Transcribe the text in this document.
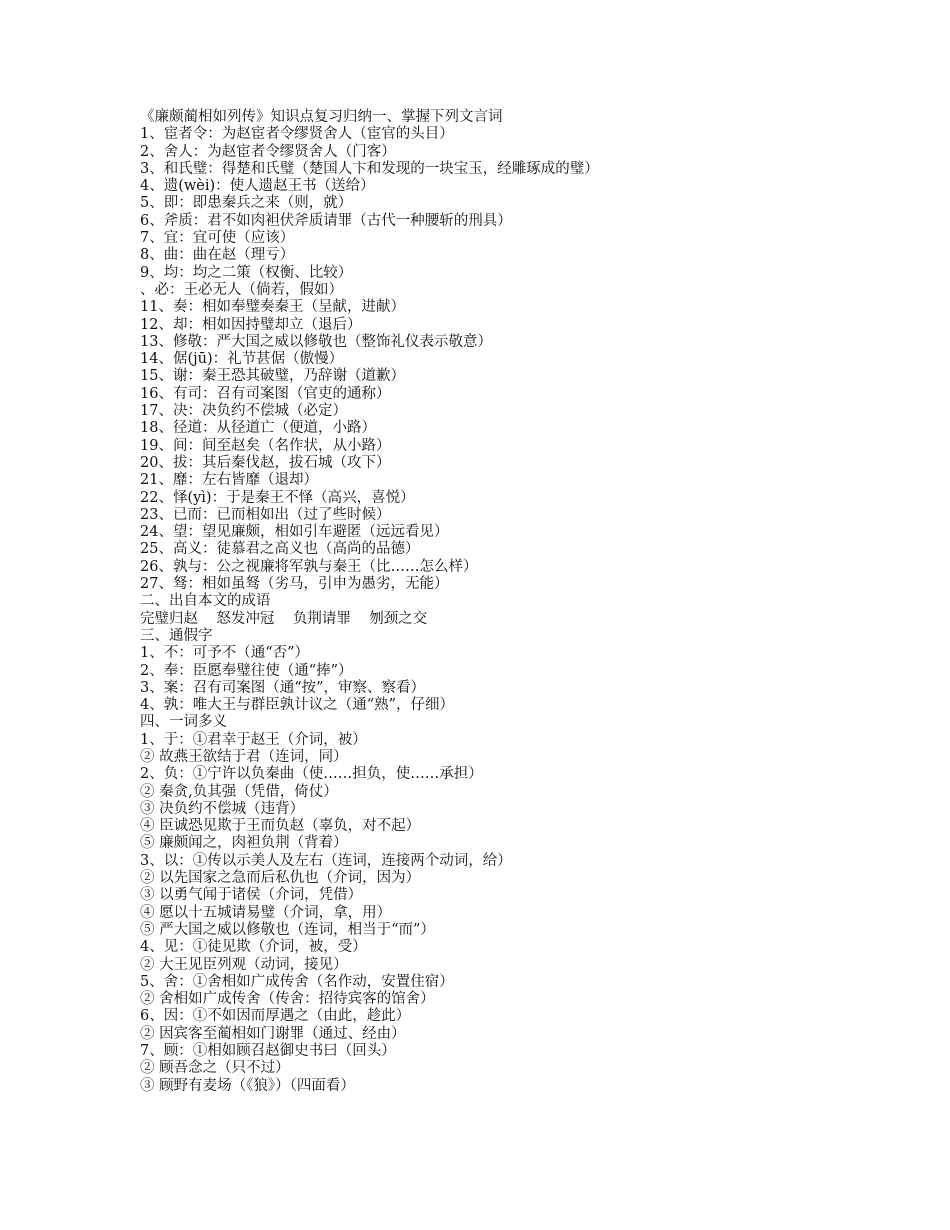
《廉颇蔺相如列传》知识点复习归纳一、掌握下列文言词
1、宦者令：为赵宦者令缪贤舍人（宦官的头目）
2、舍人：为赵宦者令缪贤舍人（门客）
3、和氏璧：得楚和氏璧（楚国人卞和发现的一块宝玉，经雕琢成的璧）
4、遗(wèi)：使人遗赵王书（送给）
5、即：即患秦兵之来（则，就）
6、斧质：君不如肉袒伏斧质请罪（古代一种腰斩的刑具）
7、宜：宜可使（应该）
8、曲：曲在赵（理亏）
9、均：均之二策（权衡、比较）
、必：王必无人（倘若，假如）
11、奏：相如奉璧奏秦王（呈献，进献）
12、却：相如因持璧却立（退后）
13、修敬：严大国之威以修敬也（整饰礼仪表示敬意）
14、倨(jū)：礼节甚倨（傲慢）
15、谢：秦王恐其破璧，乃辞谢（道歉）
16、有司：召有司案图（官吏的通称）
17、决：决负约不偿城（必定）
18、径道：从径道亡（便道，小路）
19、间：间至赵矣（名作状，从小路）
20、拔：其后秦伐赵，拔石城（攻下）
21、靡：左右皆靡（退却）
22、怿(yì)：于是秦王不怿（高兴，喜悦）
23、已而：已而相如出（过了些时候）
24、望：望见廉颇，相如引车避匿（远远看见）
25、高义：徒慕君之高义也（高尚的品德）
26、孰与：公之视廉将军孰与秦王（比……怎么样）
27、驽：相如虽驽（劣马，引申为愚劣，无能）
二、出自本文的成语
完璧归赵    怒发冲冠    负荆请罪    刎颈之交
三、通假字
1、不：可予不（通“否”）
2、奉：臣愿奉璧往使（通“捧”）
3、案：召有司案图（通“按”，审察、察看）
4、孰：唯大王与群臣孰计议之（通“熟”，仔细）
四、一词多义
1、于：①君幸于赵王（介词，被）
② 故燕王欲结于君（连词，同）
2、负：①宁许以负秦曲（使……担负，使……承担）
② 秦贪,负其强（凭借，倚仗）
③ 决负约不偿城（违背）
④ 臣诚恐见欺于王而负赵（辜负，对不起）
⑤ 廉颇闻之，肉袒负荆（背着）
3、以：①传以示美人及左右（连词，连接两个动词，给）
② 以先国家之急而后私仇也（介词，因为）
③ 以勇气闻于诸侯（介词，凭借）
④ 愿以十五城请易璧（介词，拿，用）
⑤ 严大国之威以修敬也（连词，相当于“而”）
4、见：①徒见欺（介词，被，受）
② 大王见臣列观（动词，接见）
5、舍：①舍相如广成传舍（名作动，安置住宿）
② 舍相如广成传舍（传舍：招待宾客的馆舍）
6、因：①不如因而厚遇之（由此，趁此）
② 因宾客至蔺相如门谢罪（通过、经由）
7、顾：①相如顾召赵御史书曰（回头）
② 顾吾念之（只不过）
③ 顾野有麦场（《狼》）（四面看）
